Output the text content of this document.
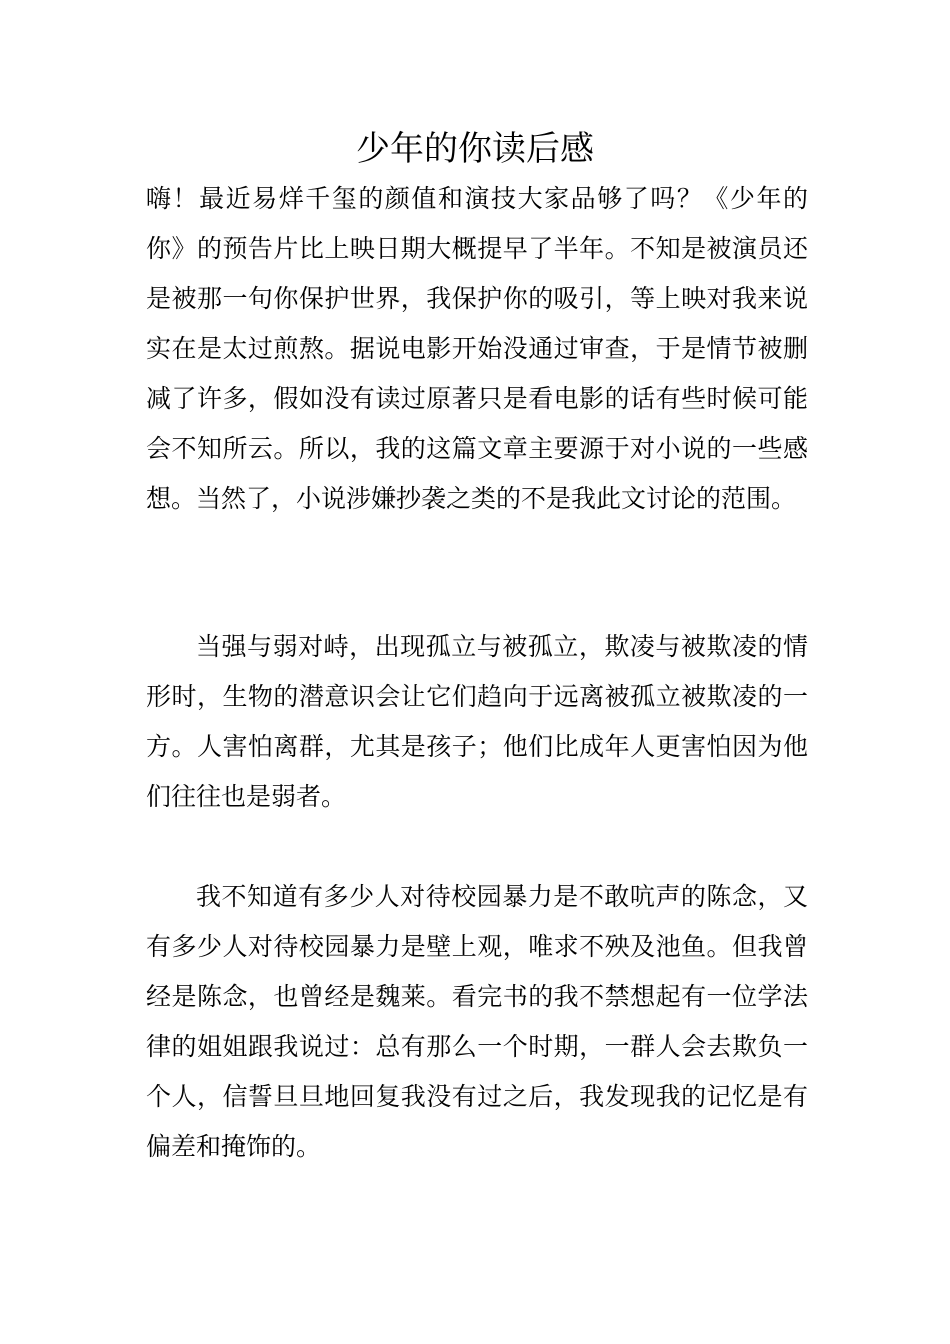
少年的你读后感

嗨！最近易烊千玺的颜值和演技大家品够了吗？《少年的你》的预告片比上映日期大概提早了半年。不知是被演员还是被那一句你保护世界，我保护你的吸引，等上映对我来说实在是太过煎熬。据说电影开始没通过审查，于是情节被删减了许多，假如没有读过原著只是看电影的话有些时候可能会不知所云。所以，我的这篇文章主要源于对小说的一些感想。当然了，小说涉嫌抄袭之类的不是我此文讨论的范围。

当强与弱对峙，出现孤立与被孤立，欺凌与被欺凌的情形时，生物的潜意识会让它们趋向于远离被孤立被欺凌的一方。人害怕离群，尤其是孩子；他们比成年人更害怕因为他们往往也是弱者。

我不知道有多少人对待校园暴力是不敢吭声的陈念，又有多少人对待校园暴力是壁上观，唯求不殃及池鱼。但我曾经是陈念，也曾经是魏莱。看完书的我不禁想起有一位学法律的姐姐跟我说过：总有那么一个时期，一群人会去欺负一个人，信誓旦旦地回复我没有过之后，我发现我的记忆是有偏差和掩饰的。
